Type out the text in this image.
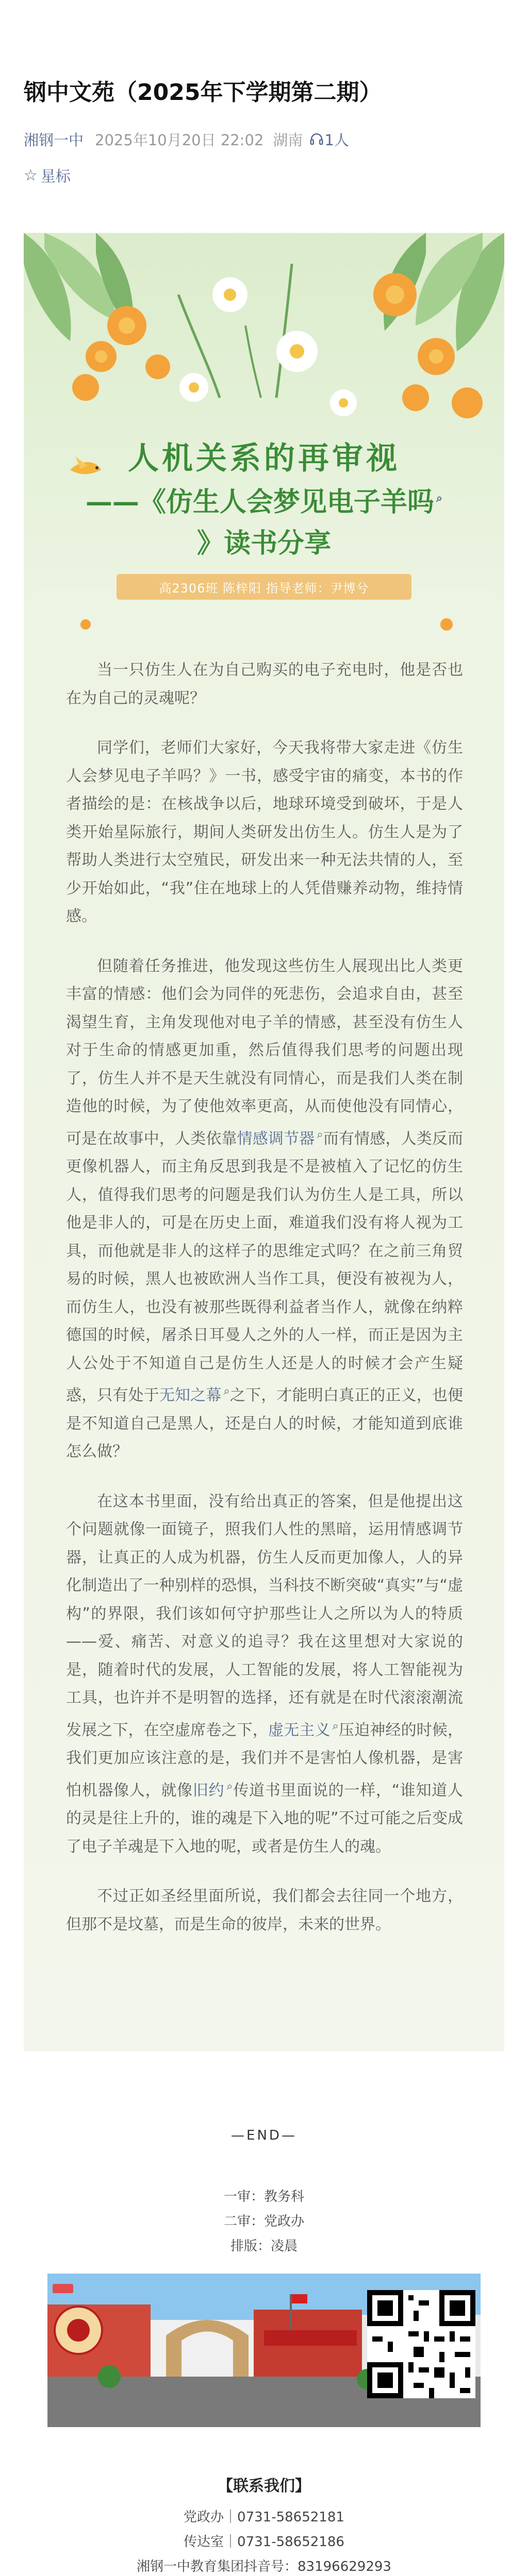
钢中文苑（2025年下学期第二期）
湘钢一中 2025年10月20日 22:02 湖南 1人
☆ 星标
人机关系的再审视
——《仿生人会梦见电子羊吗 ⌕
》读书分享
高2306班 陈梓阳 指导老师：尹博兮

当一只仿生人在为自己购买的电子充电时，他是否也在为自己的灵魂呢？

同学们，老师们大家好，今天我将带大家走进《仿生人会梦见电子羊吗？》一书，感受宇宙的痛变，本书的作者描绘的是：在核战争以后，地球环境受到破坏，于是人类开始星际旅行，期间人类研发出仿生人。仿生人是为了帮助人类进行太空殖民，研发出来一种无法共情的人，至少开始如此，“我”住在地球上的人凭借赚养动物，维持情感。

但随着任务推进，他发现这些仿生人展现出比人类更丰富的情感：他们会为同伴的死悲伤，会追求自由，甚至渴望生育，主角发现他对电子羊的情感，甚至没有仿生人对于生命的情感更加重，然后值得我们思考的问题出现了，仿生人并不是天生就没有同情心，而是我们人类在制造他的时候，为了使他效率更高，从而使他没有同情心，可是在故事中，人类依靠情感调节器 ⌕而有情感，人类反而更像机器人，而主角反思到我是不是被植入了记忆的仿生人，值得我们思考的问题是我们认为仿生人是工具，所以他是非人的，可是在历史上面，难道我们没有将人视为工具，而他就是非人的这样子的思维定式吗？在之前三角贸易的时候，黑人也被欧洲人当作工具，便没有被视为人，而仿生人，也没有被那些既得利益者当作人，就像在纳粹德国的时候，屠杀日耳曼人之外的人一样，而正是因为主人公处于不知道自己是仿生人还是人的时候才会产生疑惑，只有处于无知之幕 ⌕之下，才能明白真正的正义，也便是不知道自己是黑人，还是白人的时候，才能知道到底谁怎么做？

在这本书里面，没有给出真正的答案，但是他提出这个问题就像一面镜子，照我们人性的黑暗，运用情感调节器，让真正的人成为机器，仿生人反而更加像人，人的异化制造出了一种别样的恐惧，当科技不断突破“真实”与“虚构”的界限，我们该如何守护那些让人之所以为人的特质——爱、痛苦、对意义的追寻？我在这里想对大家说的是，随着时代的发展，人工智能的发展，将人工智能视为工具，也许并不是明智的选择，还有就是在时代滚滚潮流发展之下，在空虚席卷之下，虚无主义 ⌕压迫神经的时候，我们更加应该注意的是，我们并不是害怕人像机器，是害怕机器像人，就像旧约 ⌕传道书里面说的一样，“谁知道人的灵是往上升的，谁的魂是下入地的呢”不过可能之后变成了电子羊魂是下入地的呢，或者是仿生人的魂。

不过正如圣经里面所说，我们都会去往同一个地方，但那不是坟墓，而是生命的彼岸，未来的世界。

—END—
一审：教务科
二审：党政办
排版：凌晨

【联系我们】

党政办｜0731-58652181

传达室｜0731-58652186

湘钢一中教育集团抖音号：83196629293
